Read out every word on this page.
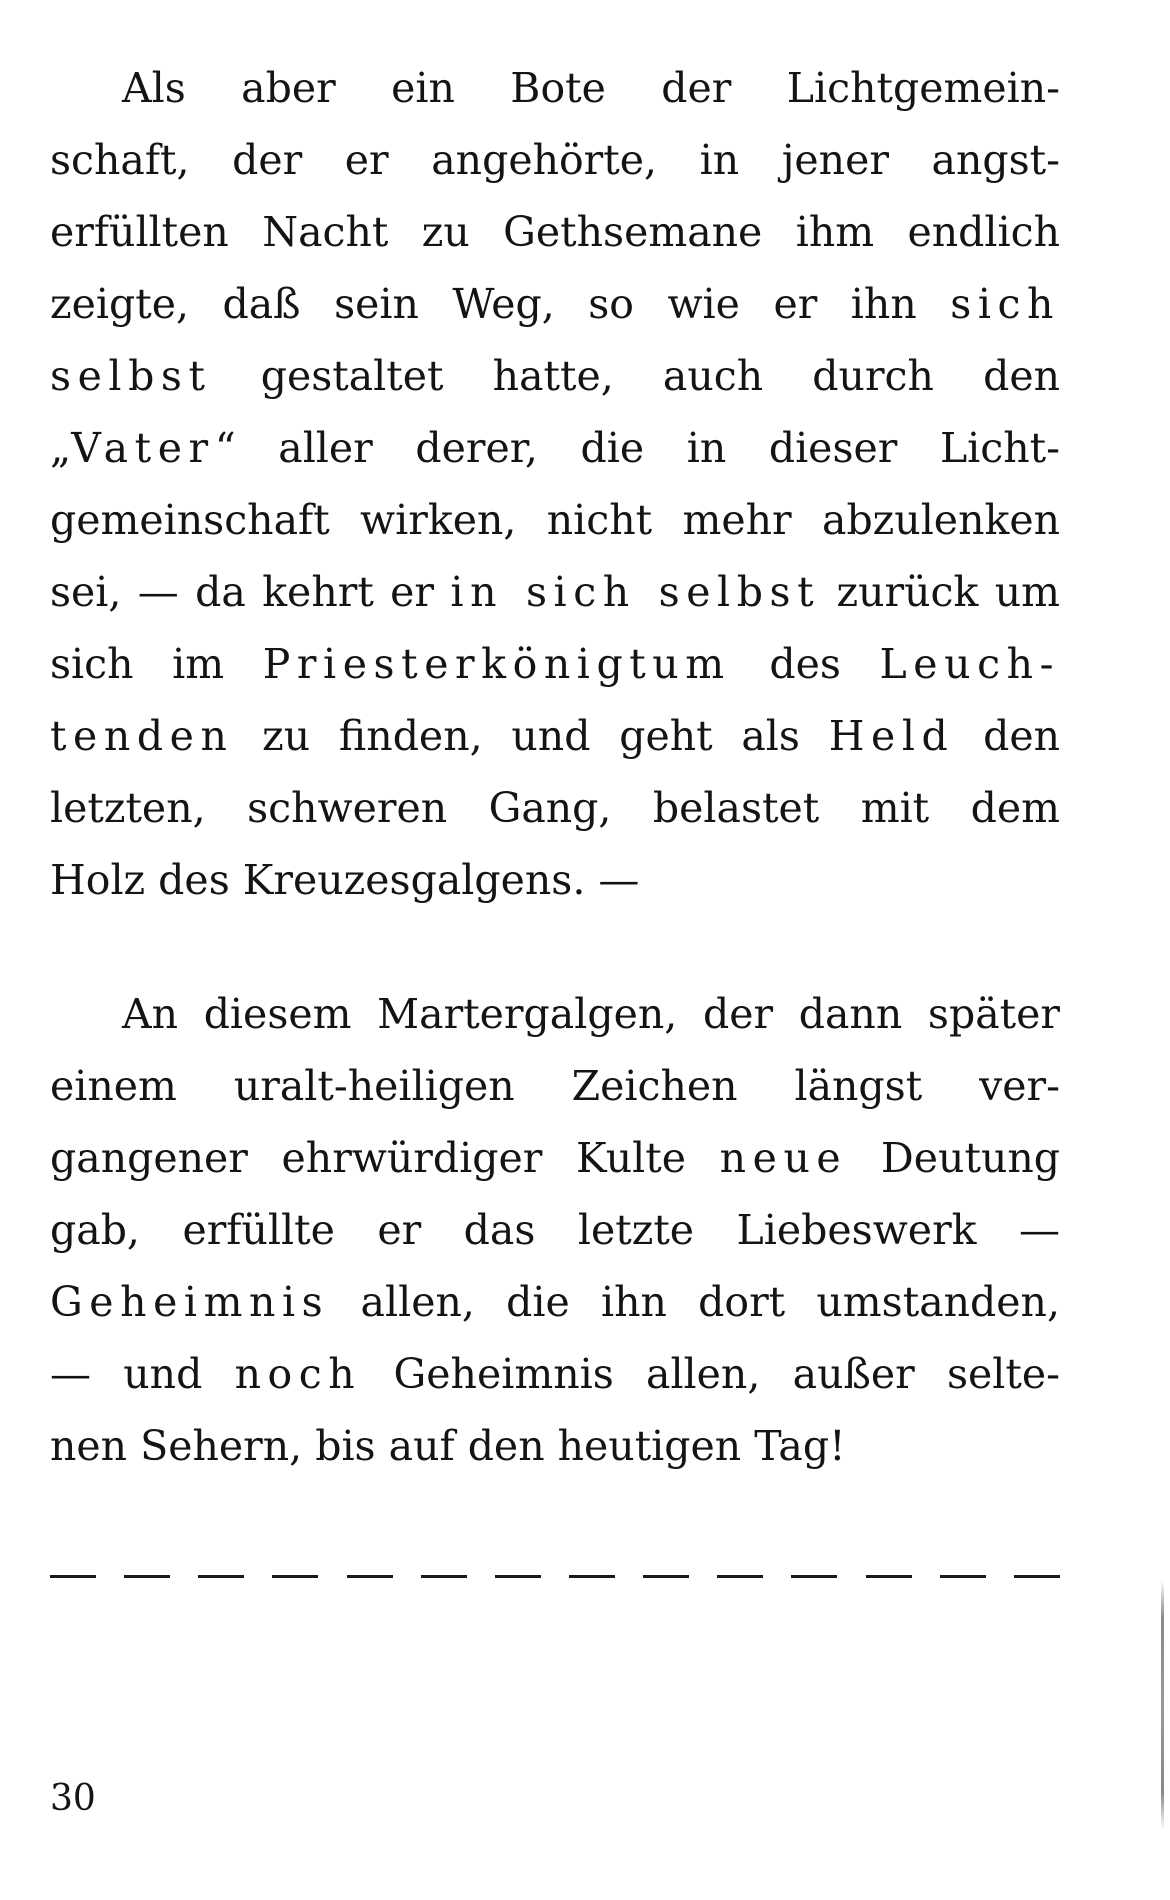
Als aber ein Bote der Lichtgemein-
schaft, der er angehörte, in jener angst-
erfüllten Nacht zu Gethsemane ihm endlich
zeigte, daß sein Weg, so wie er ihn sich
selbst gestaltet hatte, auch durch den
„Vater“ aller derer, die in dieser Licht-
gemeinschaft wirken, nicht mehr abzulenken
sei, — da kehrt er in sich selbst zurück um
sich im Priesterkönigtum des Leuch-
tenden zu finden, und geht als Held den
letzten, schweren Gang, belastet mit dem
Holz des Kreuzesgalgens. —
An diesem Martergalgen, der dann später
einem uralt-heiligen Zeichen längst ver-
gangener ehrwürdiger Kulte neue Deutung
gab, erfüllte er das letzte Liebeswerk —
Geheimnis allen, die ihn dort umstanden,
— und noch Geheimnis allen, außer selte-
nen Sehern, bis auf den heutigen Tag!
30
